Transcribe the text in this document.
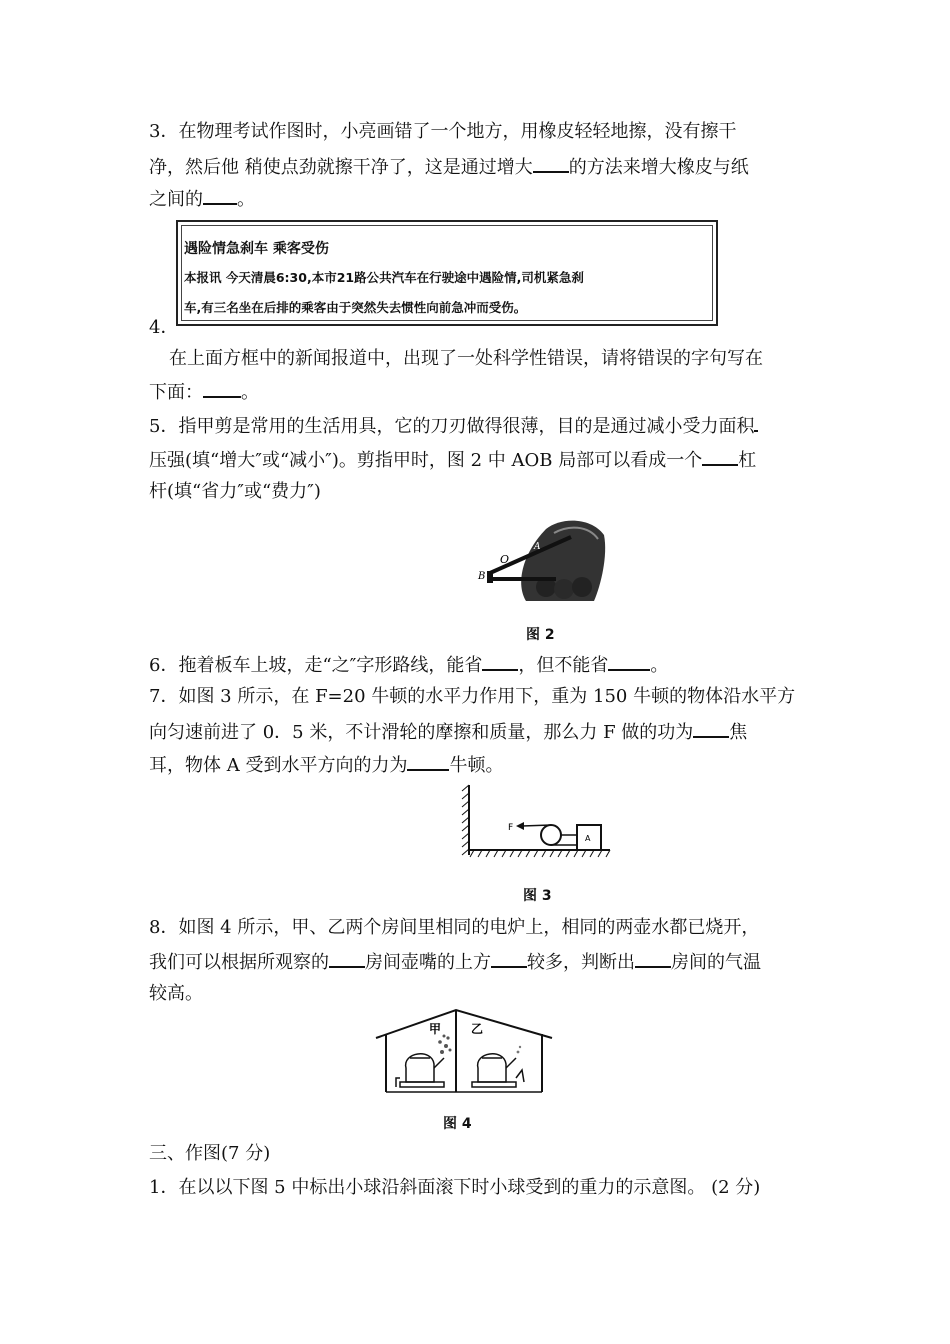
3．在物理考试作图时，小亮画错了一个地方，用橡皮轻轻地擦，没有擦干
净，然后他 稍使点劲就擦干净了，这是通过增大 的方法来增大橡皮与纸
之间的 。
4．
遇险情急刹车 乘客受伤
本报讯 今天清晨6:30,本市21路公共汽车在行驶途中遇险情,司机紧急刹
车,有三名坐在后排的乘客由于突然失去惯性向前急冲而受伤。
在上面方框中的新闻报道中，出现了一处科学性错误，请将错误的字句写在
下面： 。
5．指甲剪是常用的生活用具，它的刀刃做得很薄，目的是通过减小受力面积
压强(填“增大″或“减小″)。剪指甲时，图 2 中 AOB 局部可以看成一个 杠
杆(填“省力″或“费力″)
B
O
A
图 2
6．拖着板车上坡，走“之″字形路线，能省 ，但不能省 。
7．如图 3 所示，在 F=20 牛顿的水平力作用下，重为 150 牛顿的物体沿水平方
向匀速前进了 0．5 米，不计滑轮的摩擦和质量，那么力 F 做的功为 焦
耳，物体 A 受到水平方向的力为 牛顿。
F
A
图 3
8．如图 4 所示，甲、乙两个房间里相同的电炉上，相同的两壶水都已烧开，
我们可以根据所观察的 房间壶嘴的上方 较多，判断出 房间的气温
较高。
甲 乙
图 4
三、作图(7 分)
1．在以以下图 5 中标出小球沿斜面滚下时小球受到的重力的示意图。 (2 分)
